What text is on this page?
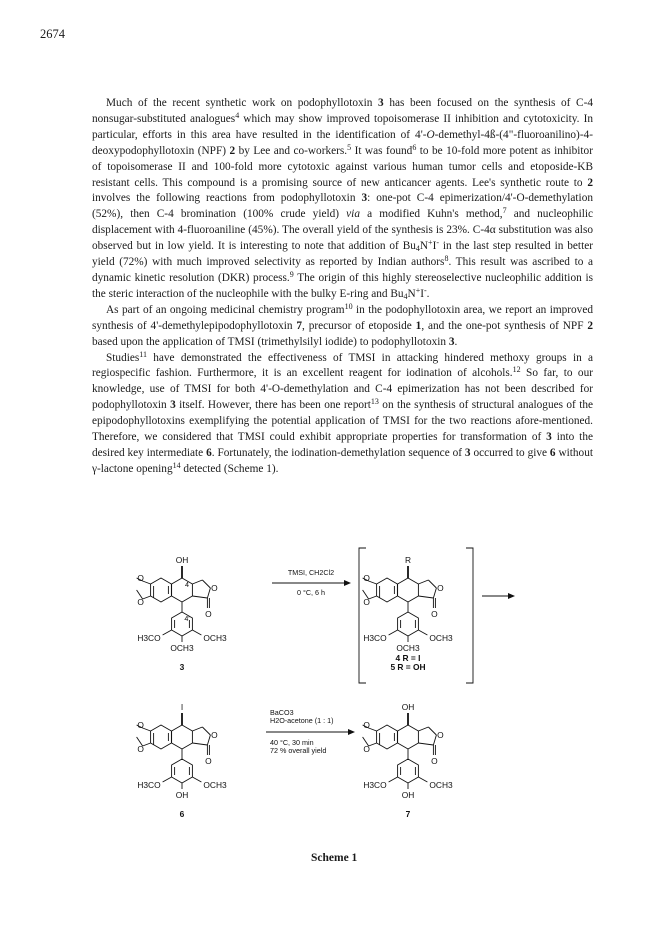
2674

Much of the recent synthetic work on podophyllotoxin 3 has been focused on the synthesis of C-4 nonsugar-substituted analogues$^4$ which may show improved topoisomerase II inhibition and cytotoxicity. In particular, efforts in this area have resulted in the identification of 4'-O-demethyl-4ß-(4"-fluoroanilino)-4-deoxypodophyllotoxin (NPF) 2 by Lee and co-workers.$^5$ It was found$^6$ to be 10-fold more potent as inhibitor of topoisomerase II and 100-fold more cytotoxic against various human tumor cells and etoposide-KB resistant cells. This compound is a promising source of new anticancer agents. Lee's synthetic route to 2 involves the following reactions from podophyllotoxin 3: one-pot C-4 epimerization/4'-O-demethylation (52%), then C-4 bromination (100% crude yield) via a modified Kuhn's method,$^7$ and nucleophilic displacement with 4-fluoroaniline (45%). The overall yield of the synthesis is 23%. C-4α substitution was also observed but in low yield. It is interesting to note that addition of $Bu_4N^+I^-$ in the last step resulted in better yield (72%) with much improved selectivity as reported by Indian authors$^8$. This result was ascribed to a dynamic kinetic resolution (DKR) process.$^9$ The origin of this highly stereoselective nucleophilic addition is the steric interaction of the nucleophile with the bulky E-ring and $Bu_4N^+I^-$.

As part of an ongoing medicinal chemistry program$^{10}$ in the podophyllotoxin area, we report an improved synthesis of 4'-demethylepipodophyllotoxin 7, precursor of etoposide 1, and the one-pot synthesis of NPF 2 based upon the application of TMSI (trimethylsilyl iodide) to podophyllotoxin 3.

Studies$^{11}$ have demonstrated the effectiveness of TMSI in attacking hindered methoxy groups in a regiospecific fashion. Furthermore, it is an excellent reagent for iodination of alcohols.$^{12}$ So far, to our knowledge, use of TMSI for both 4'-O-demethylation and C-4 epimerization has not been described for podophyllotoxin 3 itself. However, there has been one report$^{13}$ on the synthesis of structural analogues of the epipodophyllotoxins exemplifying the potential application of TMSI for the two reactions afore-mentioned. Therefore, we considered that TMSI could exhibit appropriate properties for transformation of 3 into the desired key intermediate 6. Fortunately, the iodination-demethylation sequence of 3 occurred to give 6 without γ-lactone opening$^{14}$ detected (Scheme 1).

O
O
O
O
OH
H3CO	OCH3
OCH3
4
4'
3
O
O
O
O
R
H3CO	OCH3
OCH3
4 R = I
5 R = OH
TMSI, CH2Cl2
0 °C, 6 h
O
O
O
O
I
H3CO	OCH3
OH
6
O
O
O
O
OH
H3CO	OCH3
OH
7
BaCO3
H2O-acetone (1 : 1)
40 °C, 30 min
72 % overall yield
Scheme 1
